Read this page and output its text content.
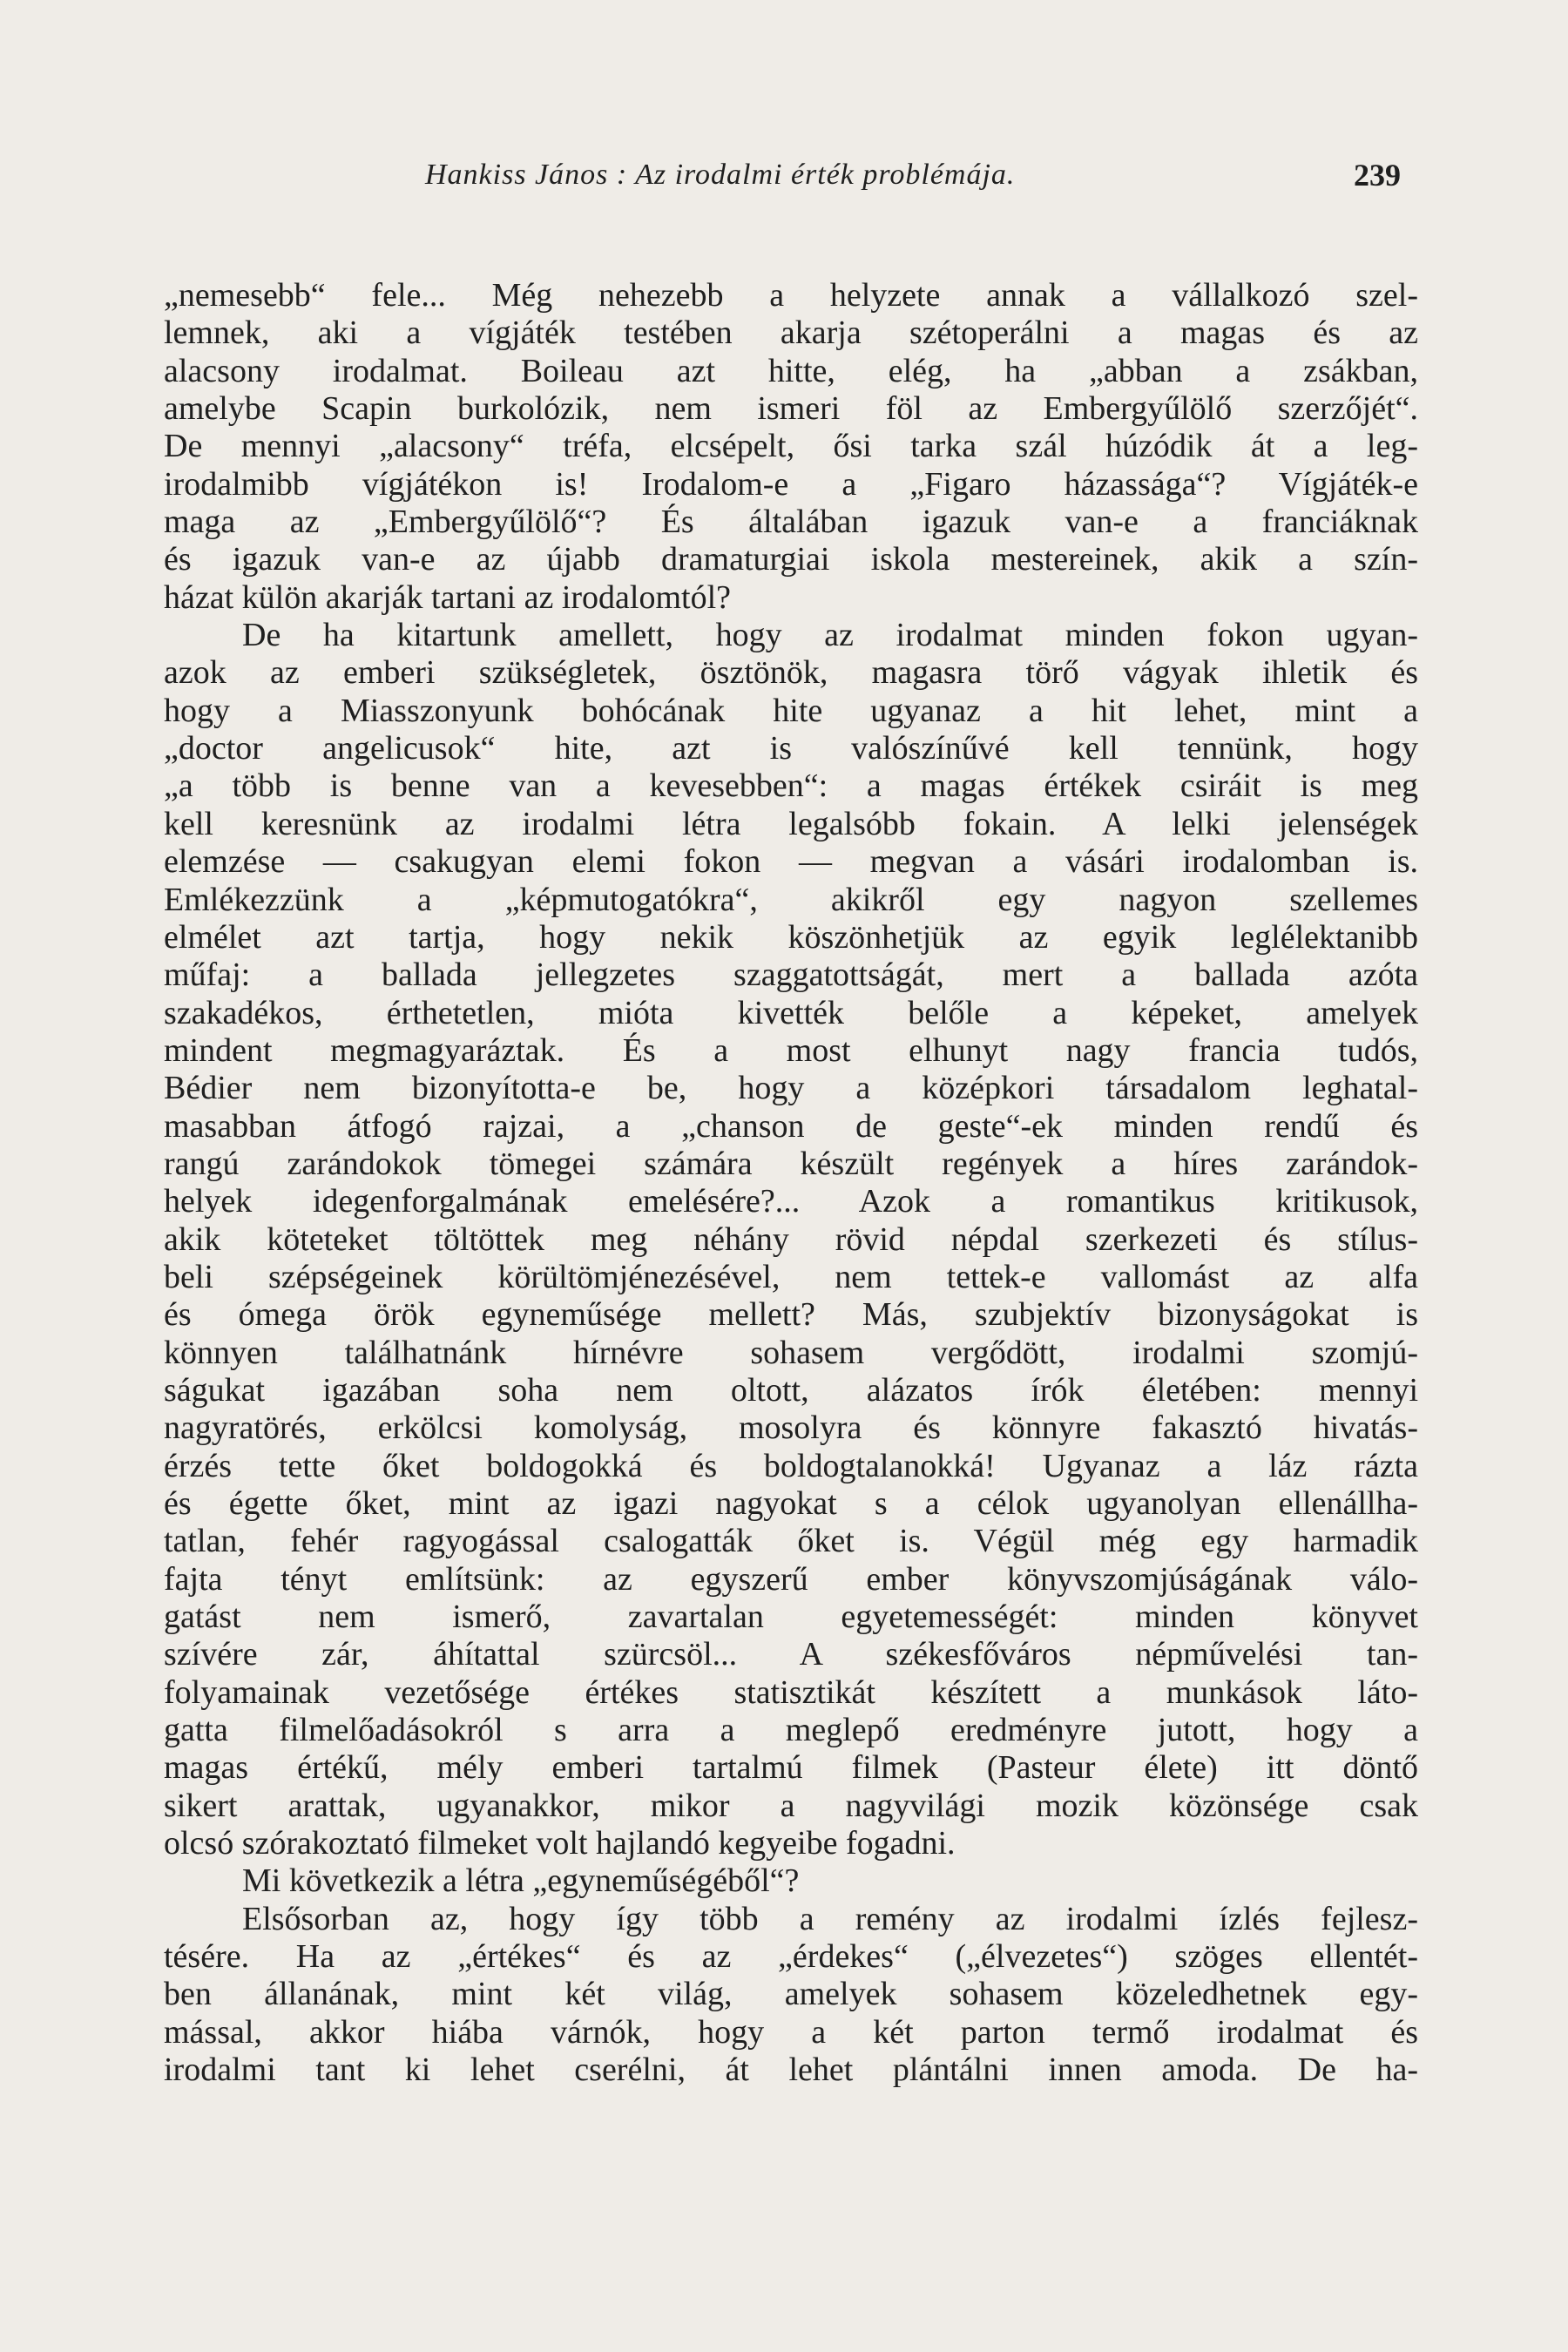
Hankiss János : Az irodalmi érték problémája.	239
„nemesebb“ fele... Még nehezebb a helyzete annak a vállalkozó szel-
lemnek, aki a vígjáték testében akarja szétoperálni a magas és az
alacsony irodalmat. Boileau azt hitte, elég, ha „abban a zsákban,
amelybe Scapin burkolózik, nem ismeri föl az Embergyűlölő szerzőjét“.
De mennyi „alacsony“ tréfa, elcsépelt, ősi tarka szál húzódik át a leg-
irodalmibb vígjátékon is! Irodalom-e a „Figaro házassága“? Vígjáték-e
maga az „Embergyűlölő“? És általában igazuk van-e a franciáknak
és igazuk van-e az újabb dramaturgiai iskola mestereinek, akik a szín-
házat külön akarják tartani az irodalomtól?
De ha kitartunk amellett, hogy az irodalmat minden fokon ugyan-
azok az emberi szükségletek, ösztönök, magasra törő vágyak ihletik és
hogy a Miasszonyunk bohócának hite ugyanaz a hit lehet, mint a
„doctor angelicusok“ hite, azt is valószínűvé kell tennünk, hogy
„a több is benne van a kevesebben“: a magas értékek csiráit is meg
kell keresnünk az irodalmi létra legalsóbb fokain. A lelki jelenségek
elemzése — csakugyan elemi fokon — megvan a vásári irodalomban is.
Emlékezzünk a „képmutogatókra“, akikről egy nagyon szellemes
elmélet azt tartja, hogy nekik köszönhetjük az egyik leglélektanibb
műfaj: a ballada jellegzetes szaggatottságát, mert a ballada azóta
szakadékos, érthetetlen, mióta kivették belőle a képeket, amelyek
mindent megmagyaráztak. És a most elhunyt nagy francia tudós,
Bédier nem bizonyította-e be, hogy a középkori társadalom leghatal-
masabban átfogó rajzai, a „chanson de geste“-ek minden rendű és
rangú zarándokok tömegei számára készült regények a híres zarándok-
helyek idegenforgalmának emelésére?... Azok a romantikus kritikusok,
akik köteteket töltöttek meg néhány rövid népdal szerkezeti és stílus-
beli szépségeinek körültömjénezésével, nem tettek-e vallomást az alfa
és ómega örök egyneműsége mellett? Más, szubjektív bizonyságokat is
könnyen találhatnánk hírnévre sohasem vergődött, irodalmi szomjú-
ságukat igazában soha nem oltott, alázatos írók életében: mennyi
nagyratörés, erkölcsi komolyság, mosolyra és könnyre fakasztó hivatás-
érzés tette őket boldogokká és boldogtalanokká! Ugyanaz a láz rázta
és égette őket, mint az igazi nagyokat s a célok ugyanolyan ellenállha-
tatlan, fehér ragyogással csalogatták őket is. Végül még egy harmadik
fajta tényt említsünk: az egyszerű ember könyvszomjúságának válo-
gatást nem ismerő, zavartalan egyetemességét: minden könyvet
szívére zár, áhítattal szürcsöl... A székesfőváros népművelési tan-
folyamainak vezetősége értékes statisztikát készített a munkások láto-
gatta filmelőadásokról s arra a meglepő eredményre jutott, hogy a
magas értékű, mély emberi tartalmú filmek (Pasteur élete) itt döntő
sikert arattak, ugyanakkor, mikor a nagyvilági mozik közönsége csak
olcsó szórakoztató filmeket volt hajlandó kegyeibe fogadni.
Mi következik a létra „egyneműségéből“?
Elsősorban az, hogy így több a remény az irodalmi ízlés fejlesz-
tésére. Ha az „értékes“ és az „érdekes“ („élvezetes“) szöges ellentét-
ben állanának, mint két világ, amelyek sohasem közeledhetnek egy-
mással, akkor hiába várnók, hogy a két parton termő irodalmat és
irodalmi tant ki lehet cserélni, át lehet plántálni innen amoda. De ha-
